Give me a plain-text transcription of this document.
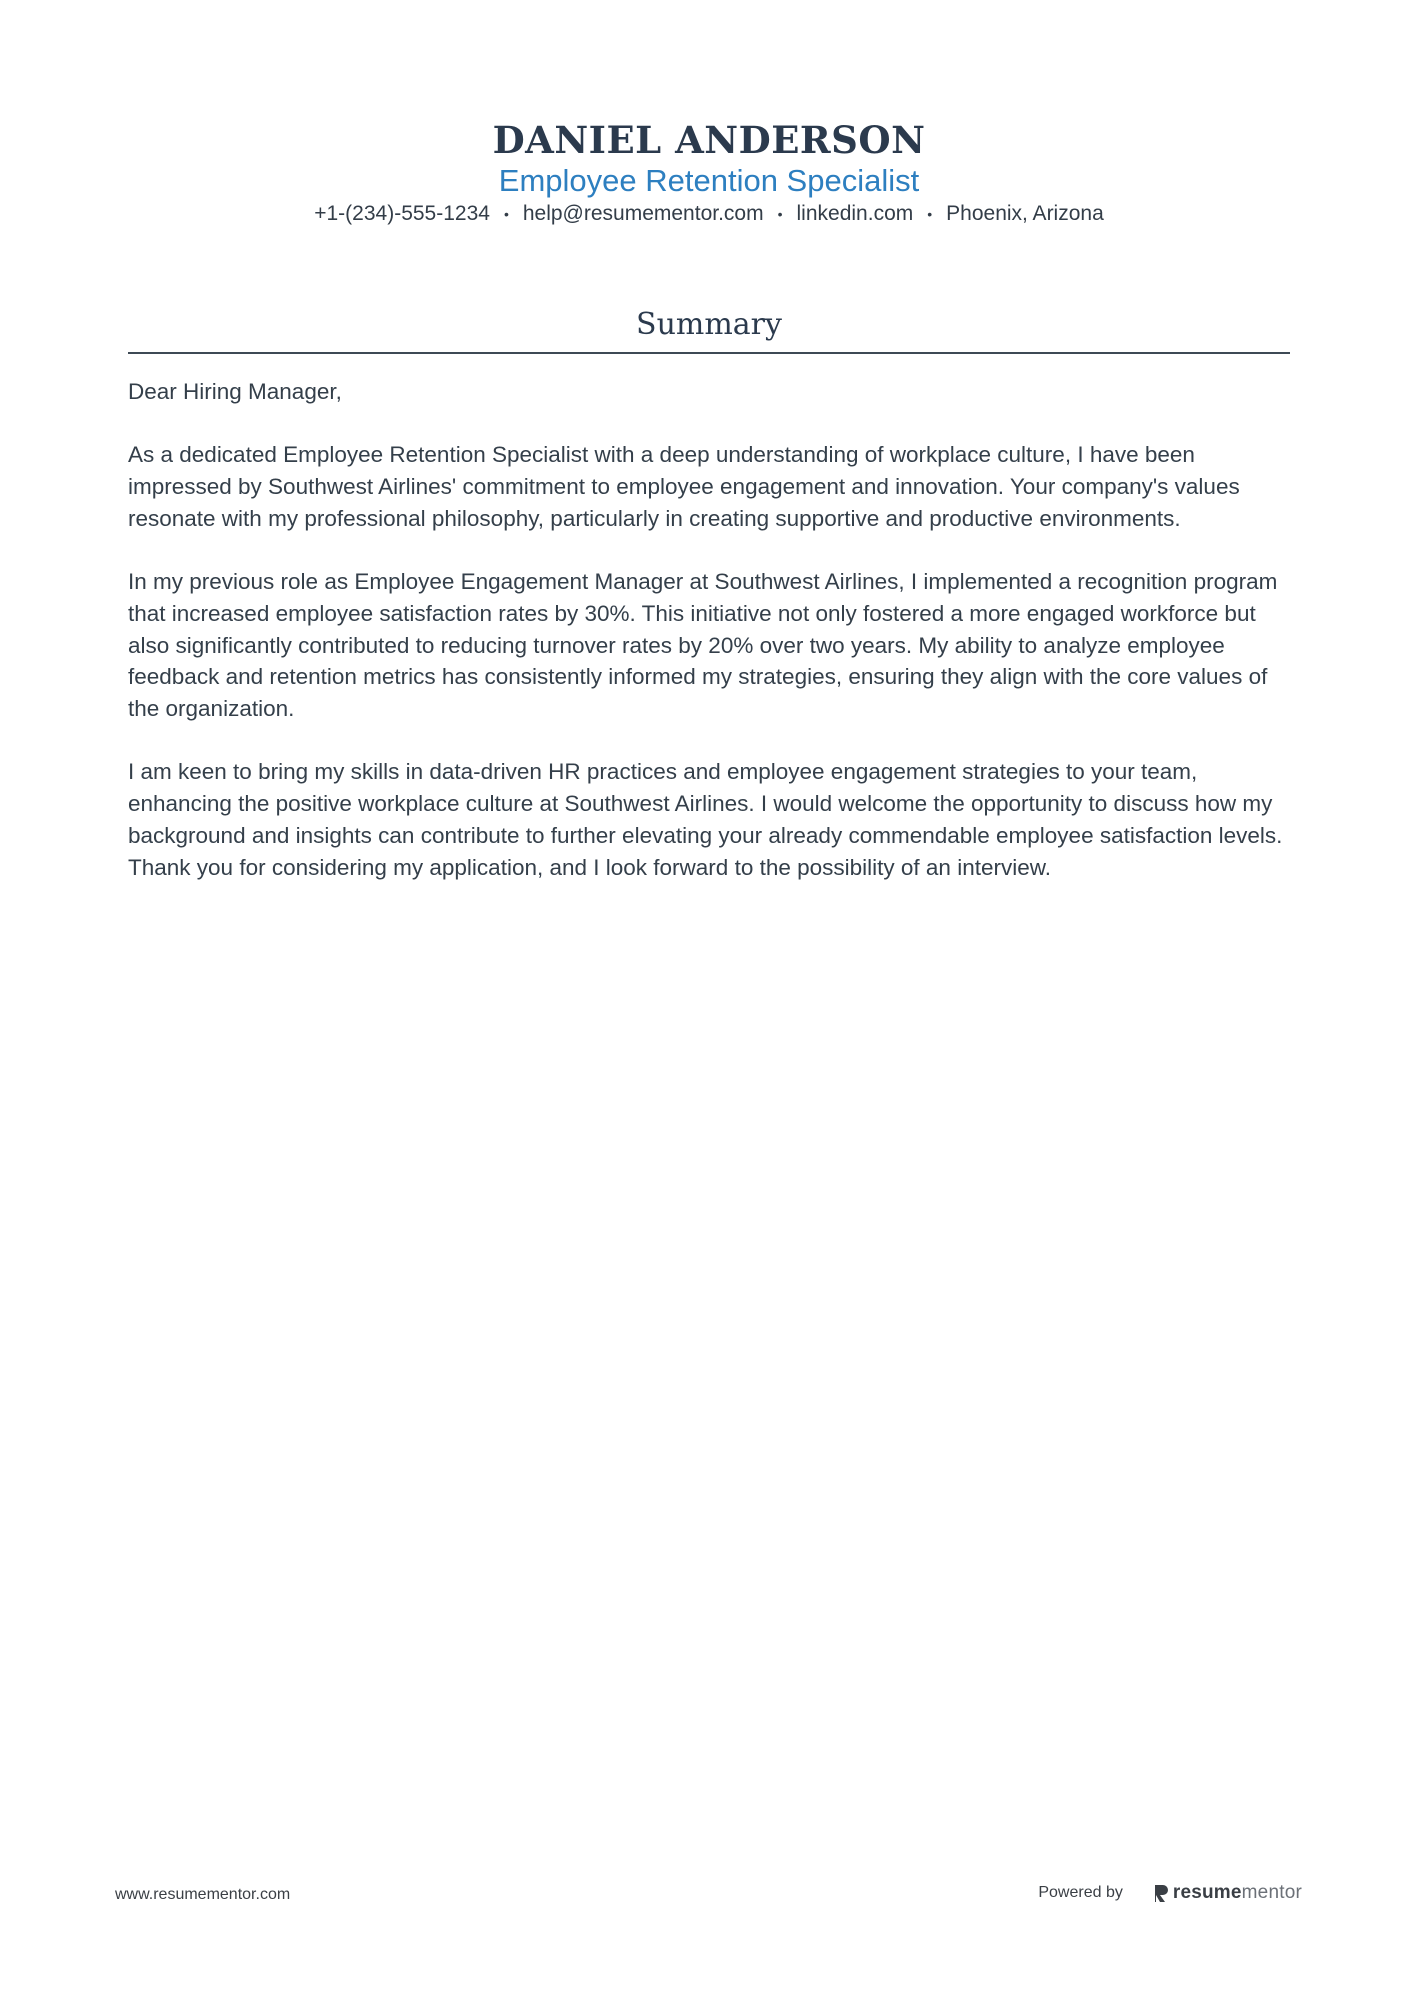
DANIEL ANDERSON
Employee Retention Specialist
+1-(234)-555-1234 • help@resumementor.com • linkedin.com • Phoenix, Arizona
Summary

Dear Hiring Manager,

As a dedicated Employee Retention Specialist with a deep understanding of workplace culture, I have been impressed by Southwest Airlines' commitment to employee engagement and innovation. Your company's values resonate with my professional philosophy, particularly in creating supportive and productive environments.

In my previous role as Employee Engagement Manager at Southwest Airlines, I implemented a recognition program that increased employee satisfaction rates by 30%. This initiative not only fostered a more engaged workforce but also significantly contributed to reducing turnover rates by 20% over two years. My ability to analyze employee feedback and retention metrics has consistently informed my strategies, ensuring they align with the core values of the organization.

I am keen to bring my skills in data-driven HR practices and employee engagement strategies to your team, enhancing the positive workplace culture at Southwest Airlines. I would welcome the opportunity to discuss how my background and insights can contribute to further elevating your already commendable employee satisfaction levels. Thank you for considering my application, and I look forward to the possibility of an interview.

www.resumementor.com	Powered by	resume mentor
